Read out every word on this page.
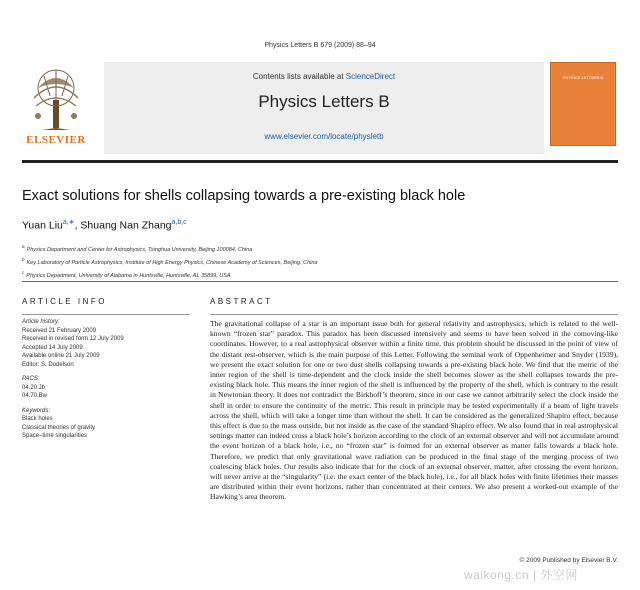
Physics Letters B 679 (2009) 88–94
ELSEVIER
Contents lists available at ScienceDirect
Physics Letters B
www.elsevier.com/locate/physletb
PHYSICS LETTERS B
Exact solutions for shells collapsing towards a pre-existing black hole
Yuan Liu$^{a,∗}$, Shuang Nan Zhang$^{a,b,c}$
$^a$Physics Department and Center for Astrophysics, Tsinghua University, Beijing 100084, China
$^b$Key Laboratory of Particle Astrophysics, Institute of High Energy Physics, Chinese Academy of Sciences, Beijing, China
$^c$Physics Department, University of Alabama in Huntsville, Huntsville, AL 35899, USA
ARTICLE INFO	ABSTRACT
Article history:
Received 21 February 2009
Received in revised form 12 July 2009
Accepted 14 July 2009
Available online 21 July 2009
Editor: S. Dodelson
PACS:
04.20.Jb
04.70.Bw
Keywords:
Black holes
Classical theories of gravity
Space–time singularities
The gravitational collapse of a star is an important issue both for general relativity and astrophysics, which is related to the well-known “frozen star” paradox. This paradox has been discussed intensively and seems to have been solved in the comoving-like coordinates. However, to a real astrophysical observer within a finite time, this problem should be discussed in the point of view of the distant rest-observer, which is the main purpose of this Letter. Following the seminal work of Oppenheimer and Snyder (1939), we present the exact solution for one or two dust shells collapsing towards a pre-existing black hole. We find that the metric of the inner region of the shell is time-dependent and the clock inside the shell becomes slower as the shell collapses towards the pre-existing black hole. This means the inner region of the shell is influenced by the property of the shell, which is contrary to the result in Newtonian theory. It does not contradict the Birkhoff’s theorem, since in our case we cannot arbitrarily select the clock inside the shell in order to ensure the continuity of the metric. This result in principle may be tested experimentally if a beam of light travels across the shell, which will take a longer time than without the shell. It can be considered as the generalized Shapiro effect, because this effect is due to the mass outside, but not inside as the case of the standard Shapiro effect. We also found that in real astrophysical settings matter can indeed cross a black hole’s horizon according to the clock of an external observer and will not accumulate around the event horizon of a black hole, i.e., no “frozen star” is formed for an external observer as matter falls towards a black hole. Therefore, we predict that only gravitational wave radiation can be produced in the final stage of the merging process of two coalescing black holes. Our results also indicate that for the clock of an external observer, matter, after crossing the event horizon, will never arrive at the “singularity” (i.e. the exact center of the black hole), i.e., for all black holes with finite lifetimes their masses are distributed within their event horizons, rather than concentrated at their centers. We also present a worked-out example of the Hawking’s area theorem.
© 2009 Published by Elsevier B.V.
waikong.cn | 外空网
